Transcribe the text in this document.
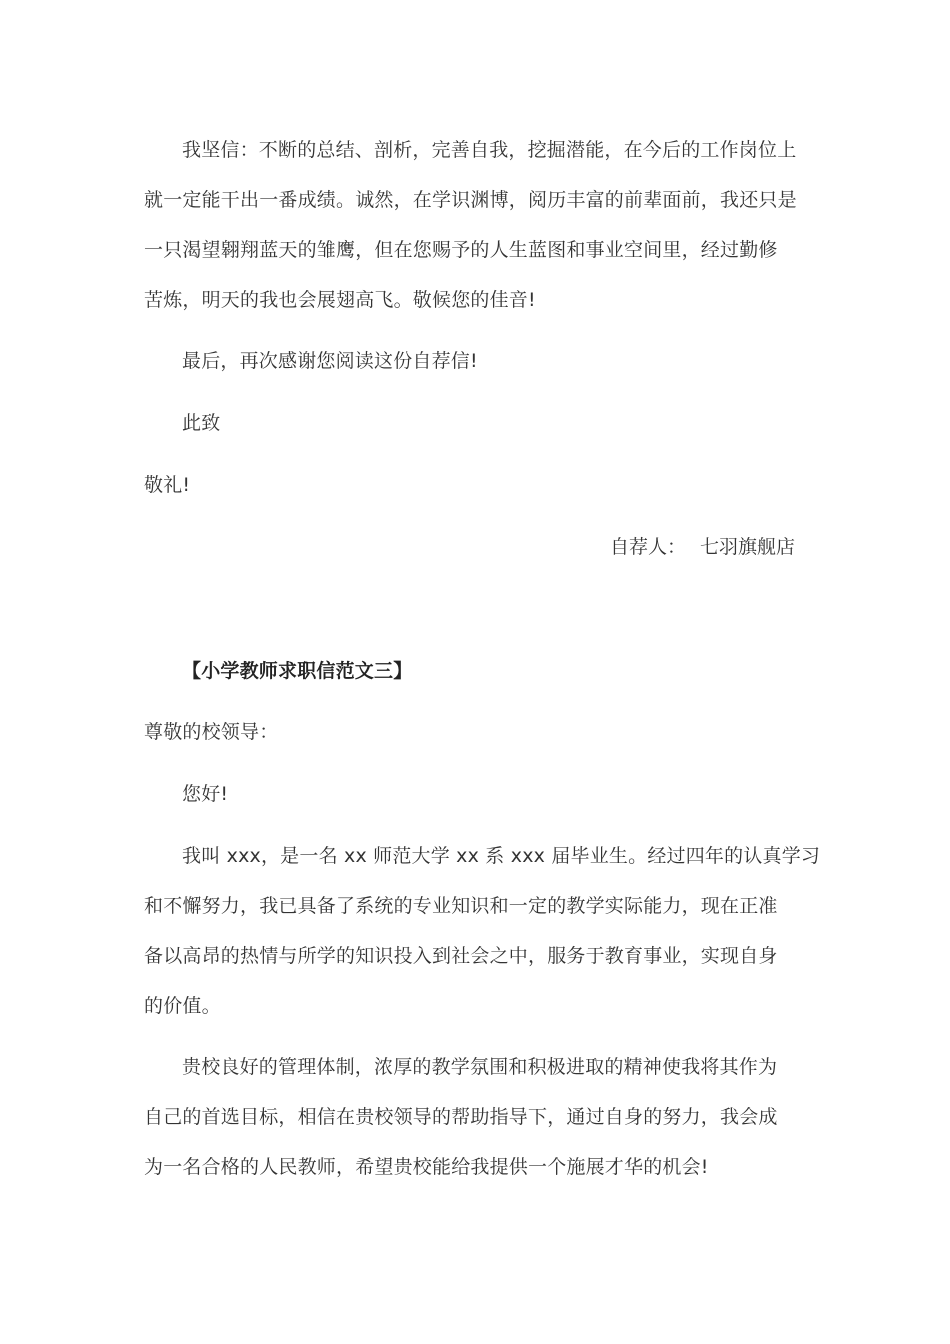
我坚信：不断的总结、剖析，完善自我，挖掘潜能，在今后的工作岗位上
就一定能干出一番成绩。诚然，在学识渊博，阅历丰富的前辈面前，我还只是
一只渴望翱翔蓝天的雏鹰，但在您赐予的人生蓝图和事业空间里，经过勤修
苦炼，明天的我也会展翅高飞。敬候您的佳音!
最后，再次感谢您阅读这份自荐信!
此致
敬礼!
自荐人： 七羽旗舰店
【小学教师求职信范文三】
尊敬的校领导：
您好!
我叫 xxx，是一名 xx 师范大学 xx 系 xxx 届毕业生。经过四年的认真学习
和不懈努力，我已具备了系统的专业知识和一定的教学实际能力，现在正准
备以高昂的热情与所学的知识投入到社会之中，服务于教育事业，实现自身
的价值。
贵校良好的管理体制，浓厚的教学氛围和积极进取的精神使我将其作为
自己的首选目标，相信在贵校领导的帮助指导下，通过自身的努力，我会成
为一名合格的人民教师，希望贵校能给我提供一个施展才华的机会!
